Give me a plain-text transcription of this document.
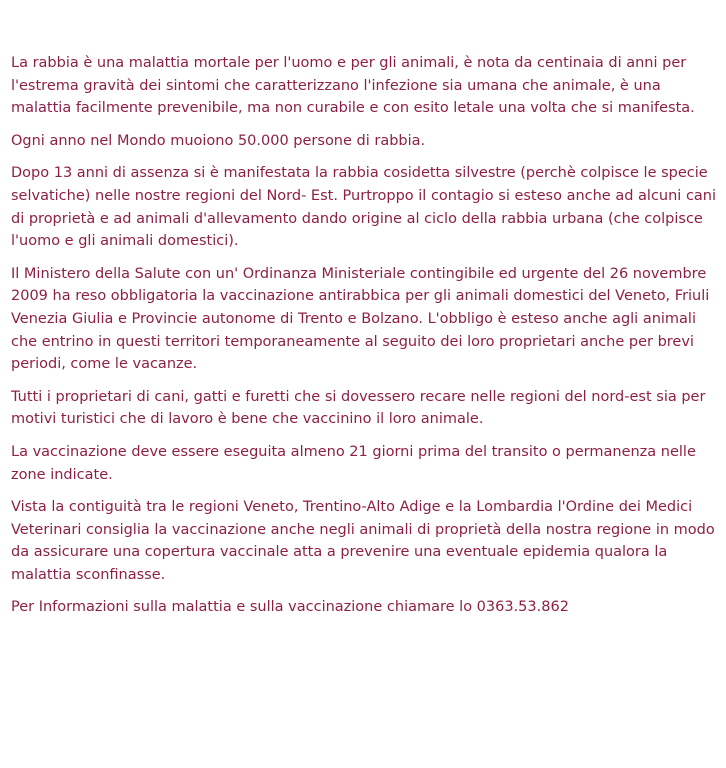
La rabbia è una malattia mortale per l'uomo e per gli animali, è nota da centinaia di anni per l'estrema gravità dei sintomi che caratterizzano l'infezione sia umana che animale, è una malattia facilmente prevenibile, ma non curabile e con esito letale una volta che si manifesta.

Ogni anno nel Mondo muoiono 50.000 persone di rabbia.

Dopo 13 anni di assenza si è manifestata la rabbia cosidetta silvestre (perchè colpisce le specie selvatiche) nelle nostre regioni del Nord- Est. Purtroppo il contagio si esteso anche ad alcuni cani di proprietà e ad animali d'allevamento dando origine al ciclo della rabbia urbana (che colpisce l'uomo e gli animali domestici).

Il Ministero della Salute con un' Ordinanza Ministeriale contingibile ed urgente del 26 novembre 2009 ha reso obbligatoria la vaccinazione antirabbica per gli animali domestici del Veneto, Friuli Venezia Giulia e Provincie autonome di Trento e Bolzano. L'obbligo è esteso anche agli animali che entrino in questi territori temporaneamente al seguito dei loro proprietari anche per brevi periodi, come le vacanze.

Tutti i proprietari di cani, gatti e furetti che si dovessero recare nelle regioni del nord-est sia per motivi turistici che di lavoro è bene che vaccinino il loro animale.

La vaccinazione deve essere eseguita almeno 21 giorni prima del transito o permanenza nelle zone indicate.

Vista la contiguità tra le regioni Veneto, Trentino-Alto Adige e la Lombardia l'Ordine dei Medici Veterinari consiglia la vaccinazione anche negli animali di proprietà della nostra regione in modo da assicurare una copertura vaccinale atta a prevenire una eventuale epidemia qualora la malattia sconfinasse.

Per Informazioni sulla malattia e sulla vaccinazione chiamare lo 0363.53.862
